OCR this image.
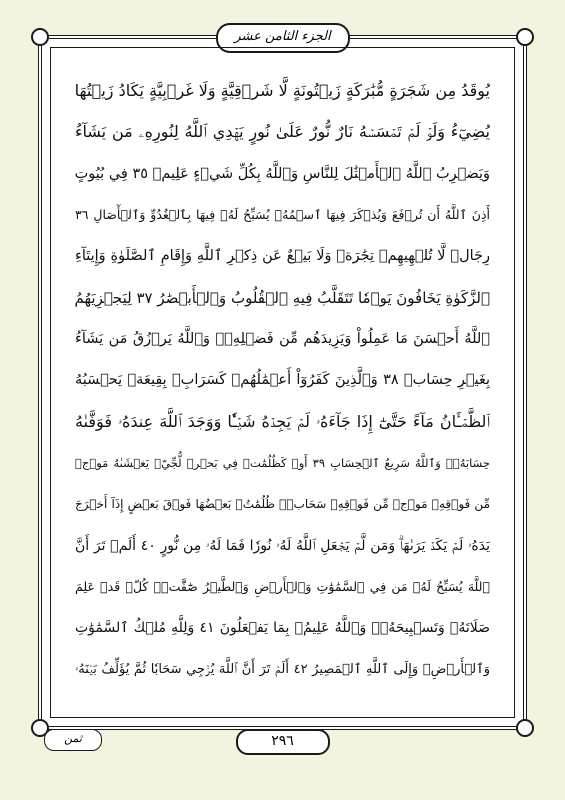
الجزء الثامن عشر
يُوقَدُ مِن شَجَرَةٍ مُّبَٰرَكَةٍ زَيۡتُونَةٍ لَّا شَرۡقِيَّةٍ وَلَا غَرۡبِيَّةٍ يَكَادُ زَيۡتُهَا
يُضِيٓءُ وَلَوۡ لَمۡ تَمۡسَسۡهُ نَارٌ نُّورٌ عَلَىٰ نُورٍ يَهۡدِي ٱللَّهُ لِنُورِهِۦ مَن يَشَآءُ
وَيَضۡرِبُ ٱللَّهُ ٱلۡأَمۡثَٰلَ لِلنَّاسِ وَٱللَّهُ بِكُلِّ شَيۡءٍ عَلِيمٞ ٣٥ فِي بُيُوتٍ
أَذِنَ ٱللَّهُ أَن تُرۡفَعَ وَيُذۡكَرَ فِيهَا ٱسۡمُهُۥ يُسَبِّحُ لَهُۥ فِيهَا بِٱلۡغُدُوِّ وَٱلۡأٓصَالِ ٣٦
رِجَالٞ لَّا تُلۡهِيهِمۡ تِجَٰرَةٞ وَلَا بَيۡعٌ عَن ذِكۡرِ ٱللَّهِ وَإِقَامِ ٱلصَّلَوٰةِ وَإِيتَآءِ
ٱلزَّكَوٰةِ يَخَافُونَ يَوۡمٗا تَتَقَلَّبُ فِيهِ ٱلۡقُلُوبُ وَٱلۡأَبۡصَٰرُ ٣٧ لِيَجۡزِيَهُمُ
ٱللَّهُ أَحۡسَنَ مَا عَمِلُواْ وَيَزِيدَهُم مِّن فَضۡلِهِۦۗ وَٱللَّهُ يَرۡزُقُ مَن يَشَآءُ
بِغَيۡرِ حِسَابٖ ٣٨ وَٱلَّذِينَ كَفَرُوٓاْ أَعۡمَٰلُهُمۡ كَسَرَابِۭ بِقِيعَةٖ يَحۡسَبُهُ
ٱلظَّمۡـَٔانُ مَآءً حَتَّىٰٓ إِذَا جَآءَهُۥ لَمۡ يَجِدۡهُ شَيۡـٔٗا وَوَجَدَ ٱللَّهَ عِندَهُۥ فَوَفَّىٰهُ
حِسَابَهُۥۗ وَٱللَّهُ سَرِيعُ ٱلۡحِسَابِ ٣٩ أَوۡ كَظُلُمَٰتٖ فِي بَحۡرٖ لُّجِّيّٖ يَغۡشَىٰهُ مَوۡجٞ
مِّن فَوۡقِهِۦ مَوۡجٞ مِّن فَوۡقِهِۦ سَحَابٞۚ ظُلُمَٰتُۢ بَعۡضُهَا فَوۡقَ بَعۡضٍ إِذَآ أَخۡرَجَ
يَدَهُۥ لَمۡ يَكَدۡ يَرَىٰهَاۗ وَمَن لَّمۡ يَجۡعَلِ ٱللَّهُ لَهُۥ نُورٗا فَمَا لَهُۥ مِن نُّورٍ ٤٠ أَلَمۡ تَرَ أَنَّ
ٱللَّهَ يُسَبِّحُ لَهُۥ مَن فِي ٱلسَّمَٰوَٰتِ وَٱلۡأَرۡضِ وَٱلطَّيۡرُ صَٰٓفَّٰتٖۖ كُلّٞ قَدۡ عَلِمَ
صَلَاتَهُۥ وَتَسۡبِيحَهُۥۗ وَٱللَّهُ عَلِيمُۢ بِمَا يَفۡعَلُونَ ٤١ وَلِلَّهِ مُلۡكُ ٱلسَّمَٰوَٰتِ
وَٱلۡأَرۡضِۖ وَإِلَى ٱللَّهِ ٱلۡمَصِيرُ ٤٢ أَلَمۡ تَرَ أَنَّ ٱللَّهَ يُزۡجِي سَحَابٗا ثُمَّ يُؤَلِّفُ بَيۡنَهُۥ
ثمن	٢٩٦
